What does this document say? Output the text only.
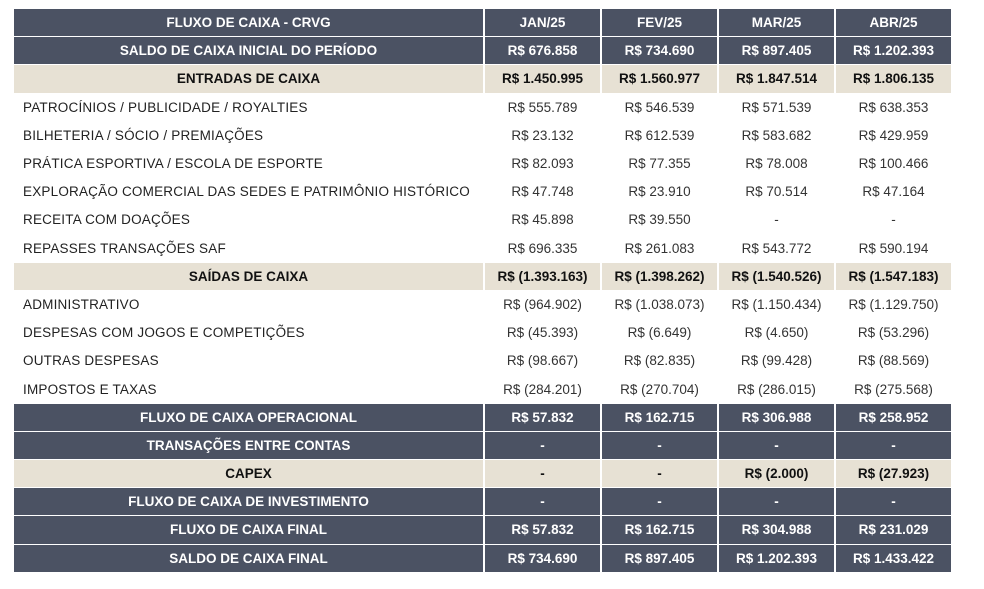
FLUXO DE CAIXA - CRVG	JAN/25	FEV/25	MAR/25	ABR/25
SALDO DE CAIXA INICIAL DO PERÍODO	R$ 676.858	R$ 734.690	R$ 897.405	R$ 1.202.393
ENTRADAS DE CAIXA	R$ 1.450.995	R$ 1.560.977	R$ 1.847.514	R$ 1.806.135
PATROCÍNIOS / PUBLICIDADE / ROYALTIES	R$ 555.789	R$ 546.539	R$ 571.539	R$ 638.353
BILHETERIA / SÓCIO / PREMIAÇÕES	R$ 23.132	R$ 612.539	R$ 583.682	R$ 429.959
PRÁTICA ESPORTIVA / ESCOLA DE ESPORTE	R$ 82.093	R$ 77.355	R$ 78.008	R$ 100.466
EXPLORAÇÃO COMERCIAL DAS SEDES E PATRIMÔNIO HISTÓRICO	R$ 47.748	R$ 23.910	R$ 70.514	R$ 47.164
RECEITA COM DOAÇÕES	R$ 45.898	R$ 39.550	-	-
REPASSES TRANSAÇÕES SAF	R$ 696.335	R$ 261.083	R$ 543.772	R$ 590.194
SAÍDAS DE CAIXA	R$ (1.393.163)	R$ (1.398.262)	R$ (1.540.526)	R$ (1.547.183)
ADMINISTRATIVO	R$ (964.902)	R$ (1.038.073)	R$ (1.150.434)	R$ (1.129.750)
DESPESAS COM JOGOS E COMPETIÇÕES	R$ (45.393)	R$ (6.649)	R$ (4.650)	R$ (53.296)
OUTRAS DESPESAS	R$ (98.667)	R$ (82.835)	R$ (99.428)	R$ (88.569)
IMPOSTOS E TAXAS	R$ (284.201)	R$ (270.704)	R$ (286.015)	R$ (275.568)
FLUXO DE CAIXA OPERACIONAL	R$ 57.832	R$ 162.715	R$ 306.988	R$ 258.952
TRANSAÇÕES ENTRE CONTAS	-	-	-	-
CAPEX	-	-	R$ (2.000)	R$ (27.923)
FLUXO DE CAIXA DE INVESTIMENTO	-	-	-	-
FLUXO DE CAIXA FINAL	R$ 57.832	R$ 162.715	R$ 304.988	R$ 231.029
SALDO DE CAIXA FINAL	R$ 734.690	R$ 897.405	R$ 1.202.393	R$ 1.433.422
